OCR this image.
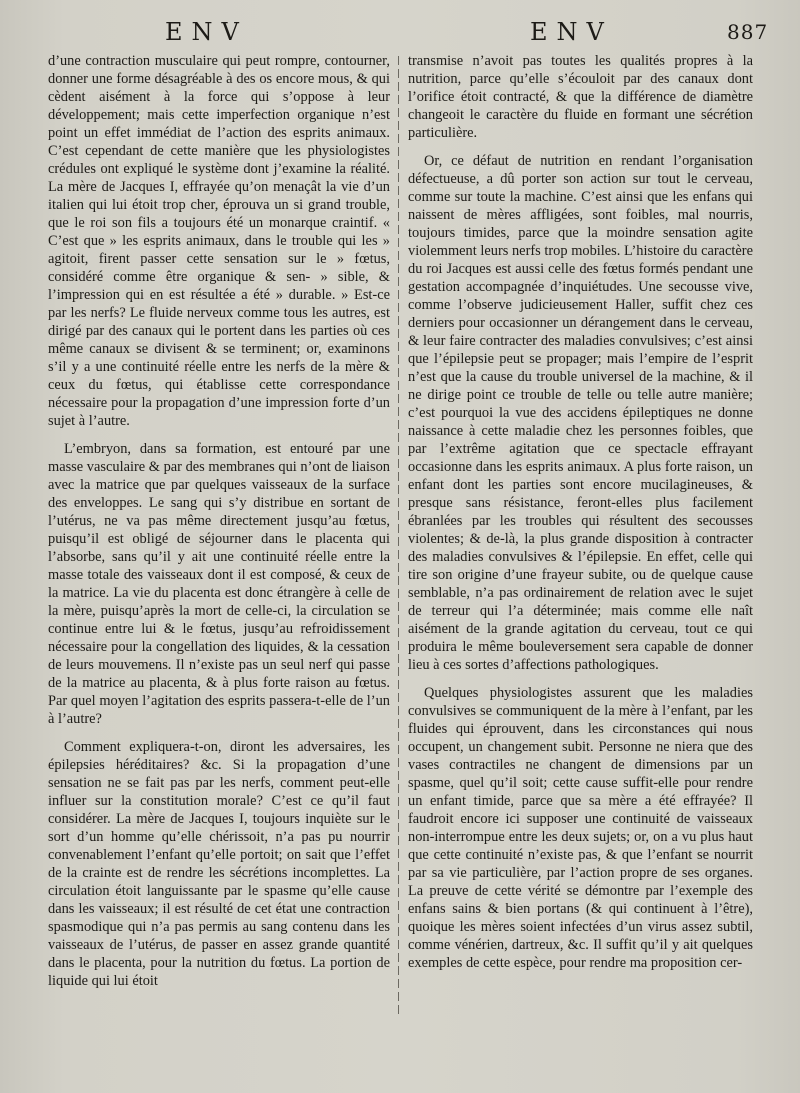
ENV	ENV	887

d’une contraction musculaire qui peut rompre, contourner, donner une forme désagréable à des os encore mous, & qui cèdent aisément à la force qui s’oppose à leur développement; mais cette imperfection organique n’est point un effet immédiat de l’action des esprits animaux. C’est cependant de cette manière que les physiologistes crédules ont expliqué le système dont j’examine la réalité. La mère de Jacques I, effrayée qu’on menaçât la vie d’un italien qui lui étoit trop cher, éprouva un si grand trouble, que le roi son fils a toujours été un monarque craintif. « C’est que » les esprits animaux, dans le trouble qui les » agitoit, firent passer cette sensation sur le » fœtus, considéré comme être organique & sen- » sible, & l’impression qui en est résultée a été » durable. » Est-ce par les nerfs? Le fluide nerveux comme tous les autres, est dirigé par des canaux qui le portent dans les parties où ces même canaux se divisent & se terminent; or, examinons s’il y a une continuité réelle entre les nerfs de la mère & ceux du fœtus, qui établisse cette correspondance nécessaire pour la propagation d’une impression forte d’un sujet à l’autre.

L’embryon, dans sa formation, est entouré par une masse vasculaire & par des membranes qui n’ont de liaison avec la matrice que par quelques vaisseaux de la surface des enveloppes. Le sang qui s’y distribue en sortant de l’utérus, ne va pas même directement jusqu’au fœtus, puisqu’il est obligé de séjourner dans le placenta qui l’absorbe, sans qu’il y ait une continuité réelle entre la masse totale des vaisseaux dont il est composé, & ceux de la matrice. La vie du placenta est donc étrangère à celle de la mère, puisqu’après la mort de celle-ci, la circulation se continue entre lui & le fœtus, jusqu’au refroidissement nécessaire pour la congellation des liquides, & la cessation de leurs mouvemens. Il n’existe pas un seul nerf qui passe de la matrice au placenta, & à plus forte raison au fœtus. Par quel moyen l’agitation des esprits passera-t-elle de l’un à l’autre?

Comment expliquera-t-on, diront les adversaires, les épilepsies héréditaires? &c. Si la propagation d’une sensation ne se fait pas par les nerfs, comment peut-elle influer sur la constitution morale? C’est ce qu’il faut considérer. La mère de Jacques I, toujours inquiète sur le sort d’un homme qu’elle chérissoit, n’a pas pu nourrir convenablement l’enfant qu’elle portoit; on sait que l’effet de la crainte est de rendre les sécrétions incomplettes. La circulation étoit languissante par le spasme qu’elle cause dans les vaisseaux; il est résulté de cet état une contraction spasmodique qui n’a pas permis au sang contenu dans les vaisseaux de l’utérus, de passer en assez grande quantité dans le placenta, pour la nutrition du fœtus. La portion de liquide qui lui étoit

transmise n’avoit pas toutes les qualités propres à la nutrition, parce qu’elle s’écouloit par des canaux dont l’orifice étoit contracté, & que la différence de diamètre changeoit le caractère du fluide en formant une sécrétion particulière.

Or, ce défaut de nutrition en rendant l’organisation défectueuse, a dû porter son action sur tout le cerveau, comme sur toute la machine. C’est ainsi que les enfans qui naissent de mères affligées, sont foibles, mal nourris, toujours timides, parce que la moindre sensation agite violemment leurs nerfs trop mobiles. L’histoire du caractère du roi Jacques est aussi celle des fœtus formés pendant une gestation accompagnée d’inquiétudes. Une secousse vive, comme l’observe judicieusement Haller, suffit chez ces derniers pour occasionner un dérangement dans le cerveau, & leur faire contracter des maladies convulsives; c’est ainsi que l’épilepsie peut se propager; mais l’empire de l’esprit n’est que la cause du trouble universel de la machine, & il ne dirige point ce trouble de telle ou telle autre manière; c’est pourquoi la vue des accidens épileptiques ne donne naissance à cette maladie chez les personnes foibles, que par l’extrême agitation que ce spectacle effrayant occasionne dans les esprits animaux. A plus forte raison, un enfant dont les parties sont encore mucilagineuses, & presque sans résistance, feront-elles plus facilement ébranlées par les troubles qui résultent des secousses violentes; & de-là, la plus grande disposition à contracter des maladies convulsives & l’épilepsie. En effet, celle qui tire son origine d’une frayeur subite, ou de quelque cause semblable, n’a pas ordinairement de relation avec le sujet de terreur qui l’a déterminée; mais comme elle naît aisément de la grande agitation du cerveau, tout ce qui produira le même bouleversement sera capable de donner lieu à ces sortes d’affections pathologiques.

Quelques physiologistes assurent que les maladies convulsives se communiquent de la mère à l’enfant, par les fluides qui éprouvent, dans les circonstances qui nous occupent, un changement subit. Personne ne niera que des vases contractiles ne changent de dimensions par un spasme, quel qu’il soit; cette cause suffit-elle pour rendre un enfant timide, parce que sa mère a été effrayée? Il faudroit encore ici supposer une continuité de vaisseaux non-interrompue entre les deux sujets; or, on a vu plus haut que cette continuité n’existe pas, & que l’enfant se nourrit par sa vie particulière, par l’action propre de ses organes. La preuve de cette vérité se démontre par l’exemple des enfans sains & bien portans (& qui continuent à l’être), quoique les mères soient infectées d’un virus assez subtil, comme vénérien, dartreux, &c. Il suffit qu’il y ait quelques exemples de cette espèce, pour rendre ma proposition cer-
